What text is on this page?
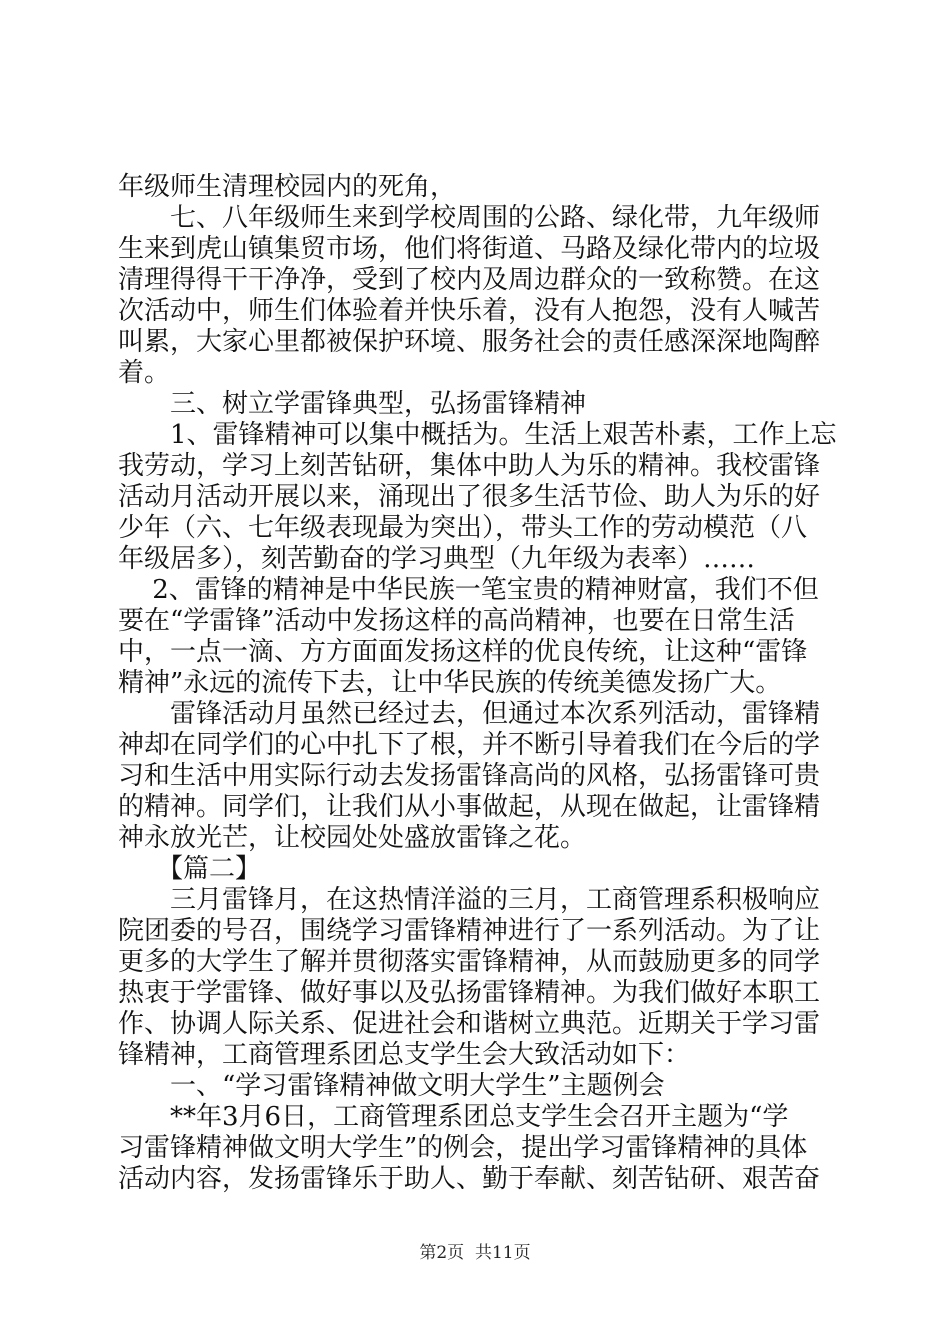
年级师生清理校园内的死角，
　　七、八年级师生来到学校周围的公路、绿化带，九年级师
生来到虎山镇集贸市场，他们将街道、马路及绿化带内的垃圾
清理得得干干净净，受到了校内及周边群众的一致称赞。在这
次活动中，师生们体验着并快乐着，没有人抱怨，没有人喊苦
叫累，大家心里都被保护环境、服务社会的责任感深深地陶醉
着。
　　三、树立学雷锋典型，弘扬雷锋精神
　　1、雷锋精神可以集中概括为。生活上艰苦朴素，工作上忘
我劳动，学习上刻苦钻研，集体中助人为乐的精神。我校雷锋
活动月活动开展以来，涌现出了很多生活节俭、助人为乐的好
少年（六、七年级表现最为突出），带头工作的劳动模范（八
年级居多），刻苦勤奋的学习典型（九年级为表率）……
　 2、雷锋的精神是中华民族一笔宝贵的精神财富，我们不但
要在“学雷锋”活动中发扬这样的高尚精神，也要在日常生活
中，一点一滴、方方面面发扬这样的优良传统，让这种“雷锋
精神”永远的流传下去，让中华民族的传统美德发扬广大。
　　雷锋活动月虽然已经过去，但通过本次系列活动，雷锋精
神却在同学们的心中扎下了根，并不断引导着我们在今后的学
习和生活中用实际行动去发扬雷锋高尚的风格，弘扬雷锋可贵
的精神。同学们，让我们从小事做起，从现在做起，让雷锋精
神永放光芒，让校园处处盛放雷锋之花。
　　【篇二】
　　三月雷锋月，在这热情洋溢的三月，工商管理系积极响应
院团委的号召，围绕学习雷锋精神进行了一系列活动。为了让
更多的大学生了解并贯彻落实雷锋精神，从而鼓励更多的同学
热衷于学雷锋、做好事以及弘扬雷锋精神。为我们做好本职工
作、协调人际关系、促进社会和谐树立典范。近期关于学习雷
锋精神，工商管理系团总支学生会大致活动如下：
　　一、“学习雷锋精神做文明大学生”主题例会
　　**年3月6日，工商管理系团总支学生会召开主题为“学
习雷锋精神做文明大学生”的例会，提出学习雷锋精神的具体
活动内容，发扬雷锋乐于助人、勤于奉献、刻苦钻研、艰苦奋
第2页  共11页
